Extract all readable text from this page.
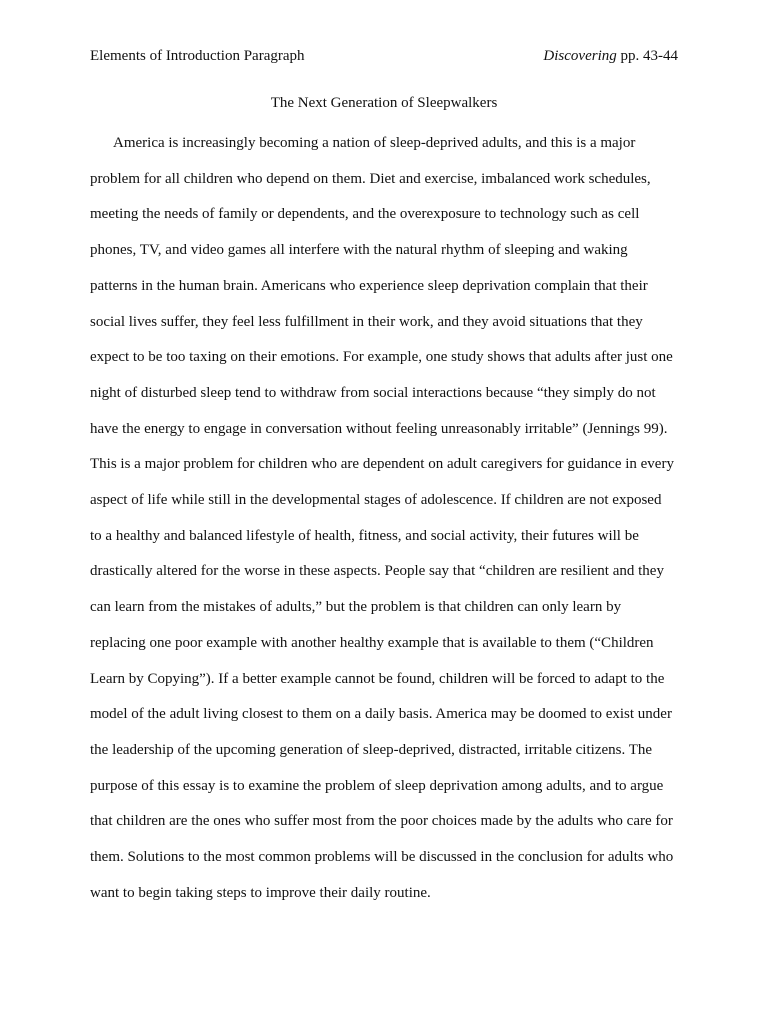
Elements of Introduction Paragraph	Discovering pp. 43-44
The Next Generation of Sleepwalkers
America is increasingly becoming a nation of sleep-deprived adults, and this is a major
problem for all children who depend on them. Diet and exercise, imbalanced work schedules,
meeting the needs of family or dependents, and the overexposure to technology such as cell
phones, TV, and video games all interfere with the natural rhythm of sleeping and waking
patterns in the human brain. Americans who experience sleep deprivation complain that their
social lives suffer, they feel less fulfillment in their work, and they avoid situations that they
expect to be too taxing on their emotions. For example, one study shows that adults after just one
night of disturbed sleep tend to withdraw from social interactions because “they simply do not
have the energy to engage in conversation without feeling unreasonably irritable” (Jennings 99).
This is a major problem for children who are dependent on adult caregivers for guidance in every
aspect of life while still in the developmental stages of adolescence. If children are not exposed
to a healthy and balanced lifestyle of health, fitness, and social activity, their futures will be
drastically altered for the worse in these aspects. People say that “children are resilient and they
can learn from the mistakes of adults,” but the problem is that children can only learn by
replacing one poor example with another healthy example that is available to them (“Children
Learn by Copying”). If a better example cannot be found, children will be forced to adapt to the
model of the adult living closest to them on a daily basis. America may be doomed to exist under
the leadership of the upcoming generation of sleep-deprived, distracted, irritable citizens. The
purpose of this essay is to examine the problem of sleep deprivation among adults, and to argue
that children are the ones who suffer most from the poor choices made by the adults who care for
them. Solutions to the most common problems will be discussed in the conclusion for adults who
want to begin taking steps to improve their daily routine.
